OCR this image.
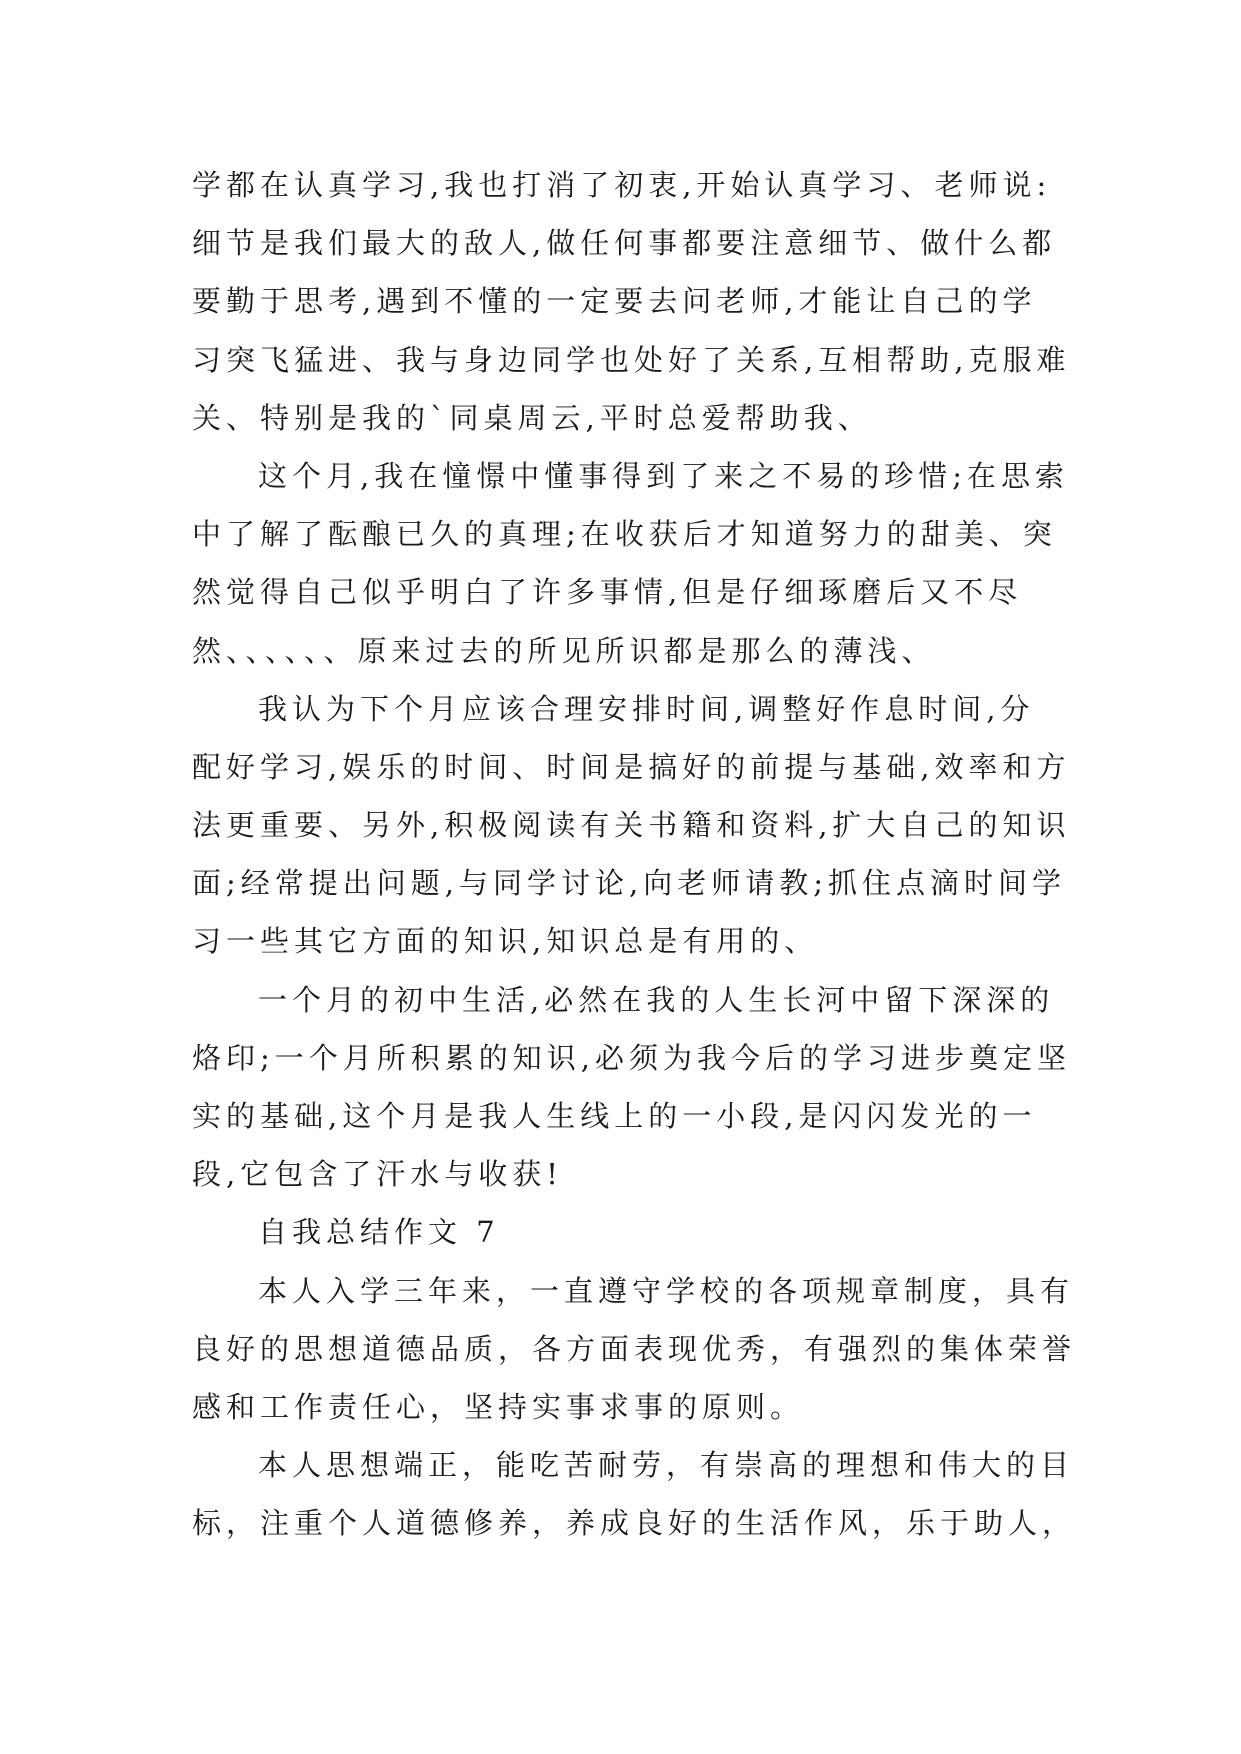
学都在认真学习,我也打消了初衷,开始认真学习、老师说:
细节是我们最大的敌人,做任何事都要注意细节、做什么都
要勤于思考,遇到不懂的一定要去问老师,才能让自己的学
习突飞猛进、我与身边同学也处好了关系,互相帮助,克服难
关、特别是我的`同桌周云,平时总爱帮助我、
这个月,我在憧憬中懂事得到了来之不易的珍惜;在思索
中了解了酝酿已久的真理;在收获后才知道努力的甜美、突
然觉得自己似乎明白了许多事情,但是仔细琢磨后又不尽
然、、、、、、原来过去的所见所识都是那么的薄浅、
我认为下个月应该合理安排时间,调整好作息时间,分
配好学习,娱乐的时间、时间是搞好的前提与基础,效率和方
法更重要、另外,积极阅读有关书籍和资料,扩大自己的知识
面;经常提出问题,与同学讨论,向老师请教;抓住点滴时间学
习一些其它方面的知识,知识总是有用的、
一个月的初中生活,必然在我的人生长河中留下深深的
烙印;一个月所积累的知识,必须为我今后的学习进步奠定坚
实的基础,这个月是我人生线上的一小段,是闪闪发光的一
段,它包含了汗水与收获!
自我总结作文 7
本人入学三年来，一直遵守学校的各项规章制度，具有
良好的思想道德品质，各方面表现优秀，有强烈的集体荣誉
感和工作责任心，坚持实事求事的原则。
本人思想端正，能吃苦耐劳，有崇高的理想和伟大的目
标，注重个人道德修养，养成良好的生活作风，乐于助人，
